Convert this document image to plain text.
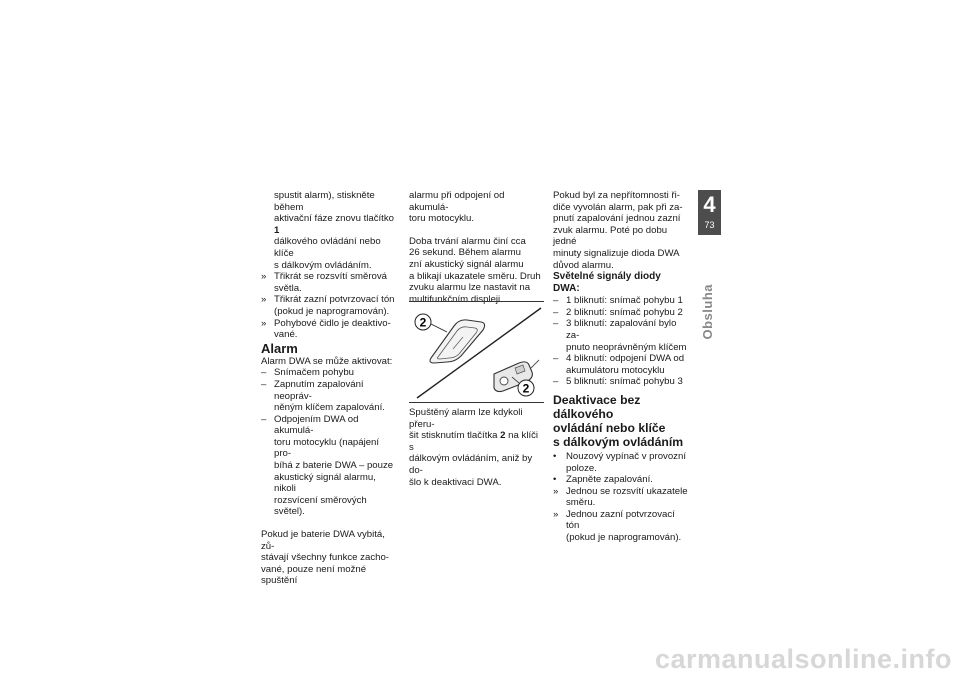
spustit alarm), stiskněte během

aktivační fáze znovu tlačítko 1

dálkového ovládání nebo klíče

s dálkovým ovládáním.

» Třikrát se rozsvítí směrová

světla.

» Třikrát zazní potvrzovací tón

(pokud je naprogramován).

» Pohybové čidlo je deaktivo-

vané.

Alarm

Alarm DWA se může aktivovat:

– Snímačem pohybu

– Zapnutím zapalování neopráv-

něným klíčem zapalování.

– Odpojením DWA od akumulá-

toru motocyklu (napájení pro-

bíhá z baterie DWA – pouze

akustický signál alarmu, nikoli

rozsvícení směrových světel).

Pokud je baterie DWA vybitá, zů-

stávají všechny funkce zacho-

vané, pouze není možné spuštění

alarmu při odpojení od akumulá-

toru motocyklu.

Doba trvání alarmu činí cca

26 sekund. Během alarmu

zní akustický signál alarmu

a blikají ukazatele směru. Druh

zvuku alarmu lze nastavit na

multifunkčním displeji.

2
2

Spuštěný alarm lze kdykoli přeru-

šit stisknutím tlačítka 2 na klíči s

dálkovým ovládáním, aniž by do-

šlo k deaktivaci DWA.

Pokud byl za nepřítomnosti ři-

diče vyvolán alarm, pak při za-

pnutí zapalování jednou zazní

zvuk alarmu. Poté po dobu jedné

minuty signalizuje dioda DWA

důvod alarmu.

Světelné signály diody DWA:

– 1 bliknutí: snímač pohybu 1

– 2 bliknutí: snímač pohybu 2

– 3 bliknutí: zapalování bylo za-

pnuto neoprávněným klíčem

– 4 bliknutí: odpojení DWA od

akumulátoru motocyklu

– 5 bliknutí: snímač pohybu 3

Deaktivace bez dálkového

ovládání nebo klíče

s dálkovým ovládáním

• Nouzový vypínač v provozní

poloze.

• Zapněte zapalování.

» Jednou se rozsvítí ukazatele

směru.

» Jednou zazní potvrzovací tón

(pokud je naprogramován).

4
73
Obsluha
carmanualsonline.info
